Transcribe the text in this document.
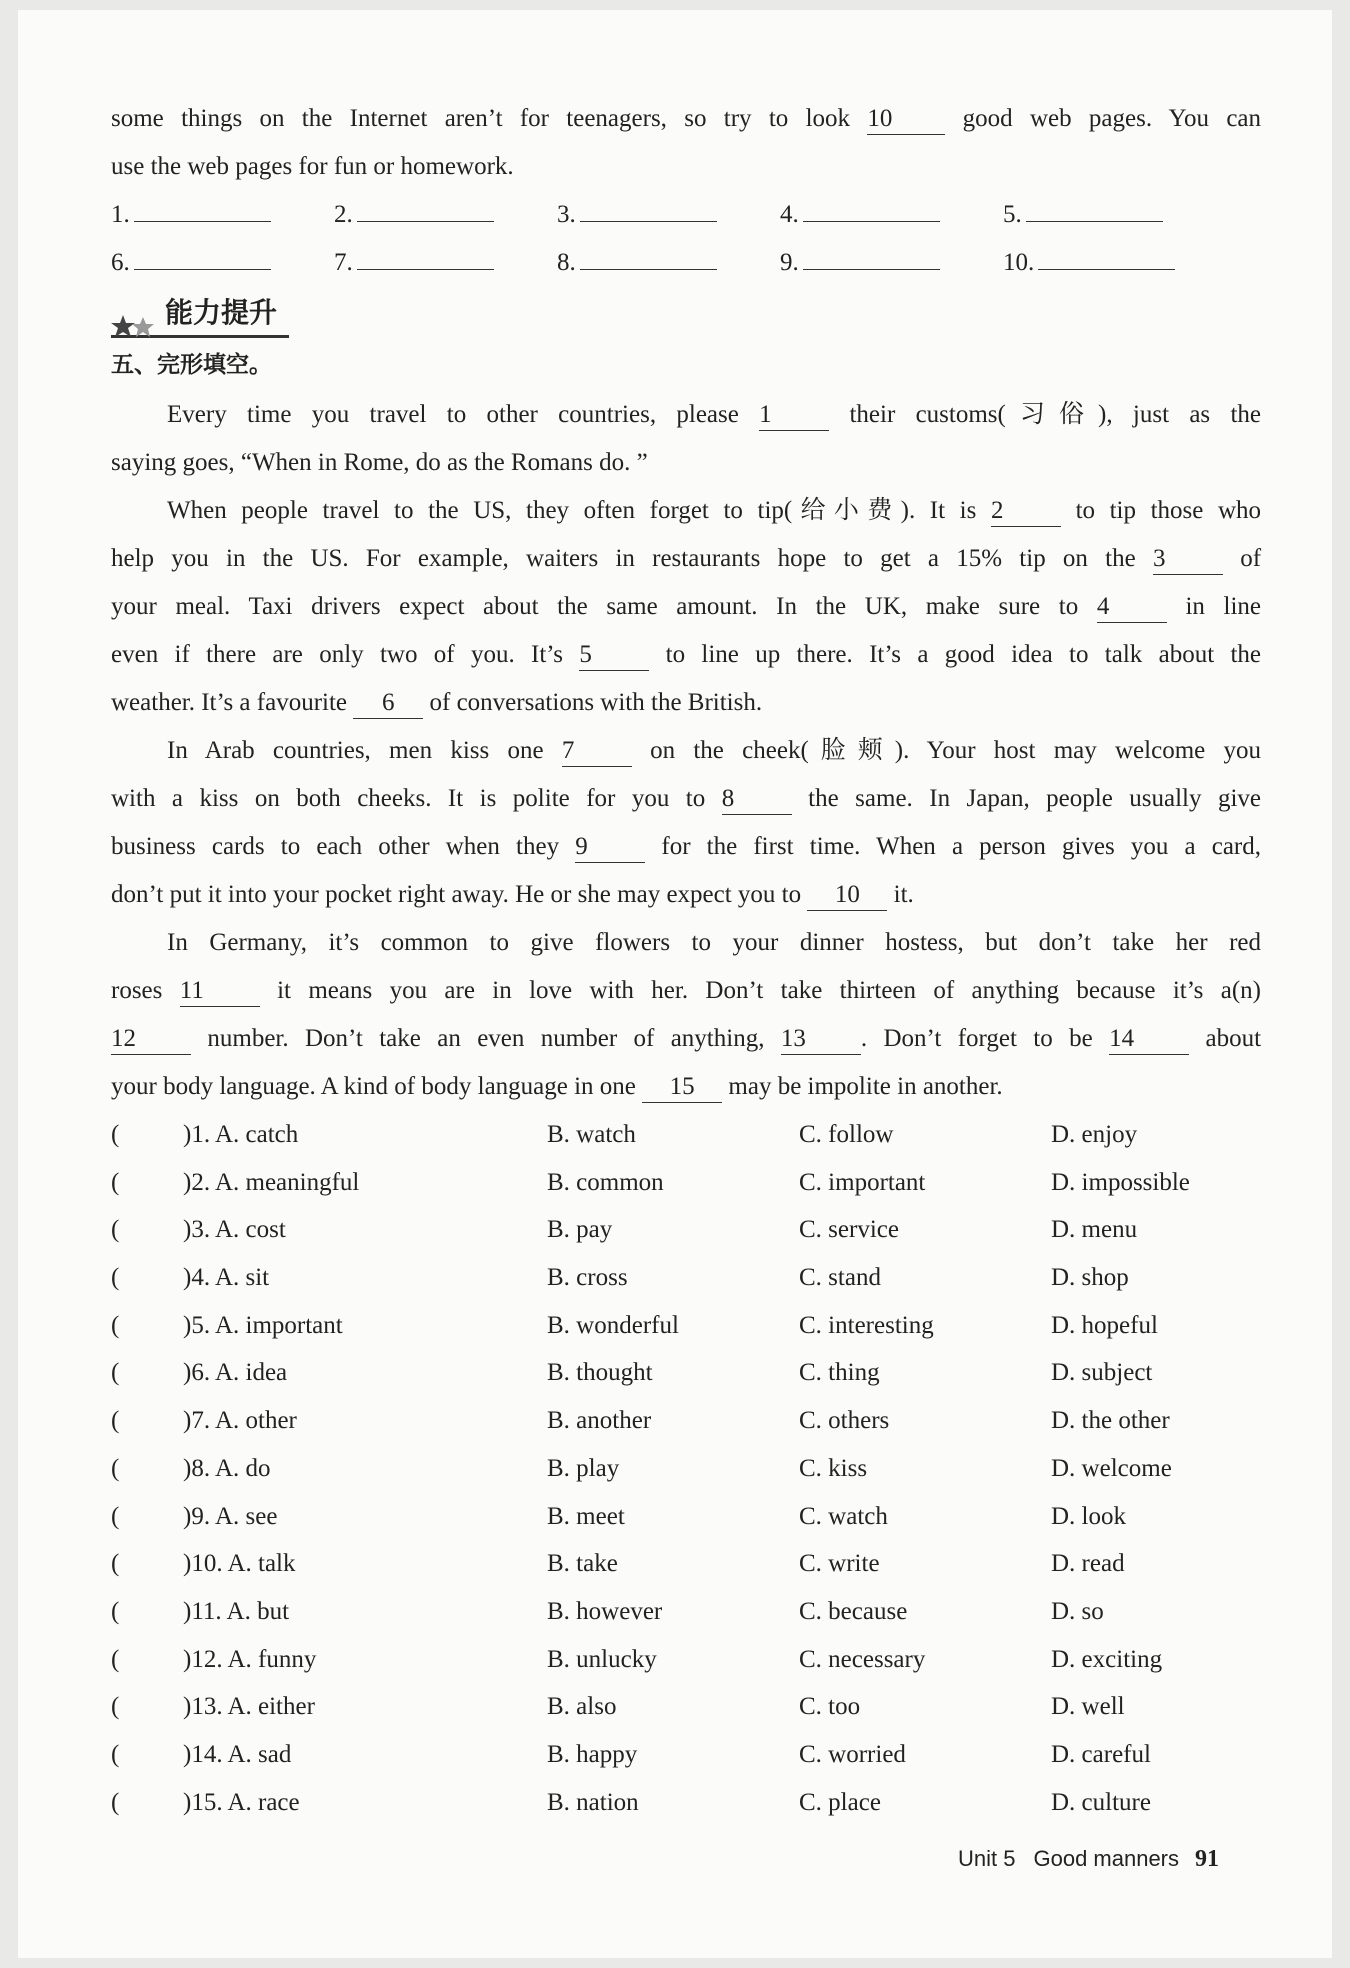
some things on the Internet aren’t for teenagers, so try to look 10	good web pages. You can

use the web pages for fun or homework.

1.	2.	3.	4.	5.
6.	7.	8.	9.	10.
能力提升

五、完形填空。

Every time you travel to other countries, please 1	their customs(习俗), just as the

saying goes, “When in Rome, do as the Romans do. ”

When people travel to the US, they often forget to tip(给小费). It is 2	to tip those who

help you in the US. For example, waiters in restaurants hope to get a 15% tip on the 3	of

your meal. Taxi drivers expect about the same amount. In the UK, make sure to 4	in line

even if there are only two of you. It’s 5	to line up there. It’s a good idea to talk about the

weather. It’s a favourite 6 of conversations with the British.

In Arab countries, men kiss one 7	on the cheek(脸颊). Your host may welcome you

with a kiss on both cheeks. It is polite for you to 8	the same. In Japan, people usually give

business cards to each other when they 9	for the first time. When a person gives you a card,

don’t put it into your pocket right away. He or she may expect you to 10 it.

In Germany, it’s common to give flowers to your dinner hostess, but don’t take her red

roses 11	it means you are in love with her. Don’t take thirteen of anything because it’s a(n)

12	number. Don’t take an even number of anything, 13 . Don’t forget to be 14	about

your body language. A kind of body language in one 15 may be impolite in another.

(	)1. A. catch	B. watch	C. follow	D. enjoy
(	)2. A. meaningful	B. common	C. important	D. impossible
(	)3. A. cost	B. pay	C. service	D. menu
(	)4. A. sit	B. cross	C. stand	D. shop
(	)5. A. important	B. wonderful	C. interesting	D. hopeful
(	)6. A. idea	B. thought	C. thing	D. subject
(	)7. A. other	B. another	C. others	D. the other
(	)8. A. do	B. play	C. kiss	D. welcome
(	)9. A. see	B. meet	C. watch	D. look
(	)10. A. talk	B. take	C. write	D. read
(	)11. A. but	B. however	C. because	D. so
(	)12. A. funny	B. unlucky	C. necessary	D. exciting
(	)13. A. either	B. also	C. too	D. well
(	)14. A. sad	B. happy	C. worried	D. careful
(	)15. A. race	B. nation	C. place	D. culture
Unit 5 Good manners 91
